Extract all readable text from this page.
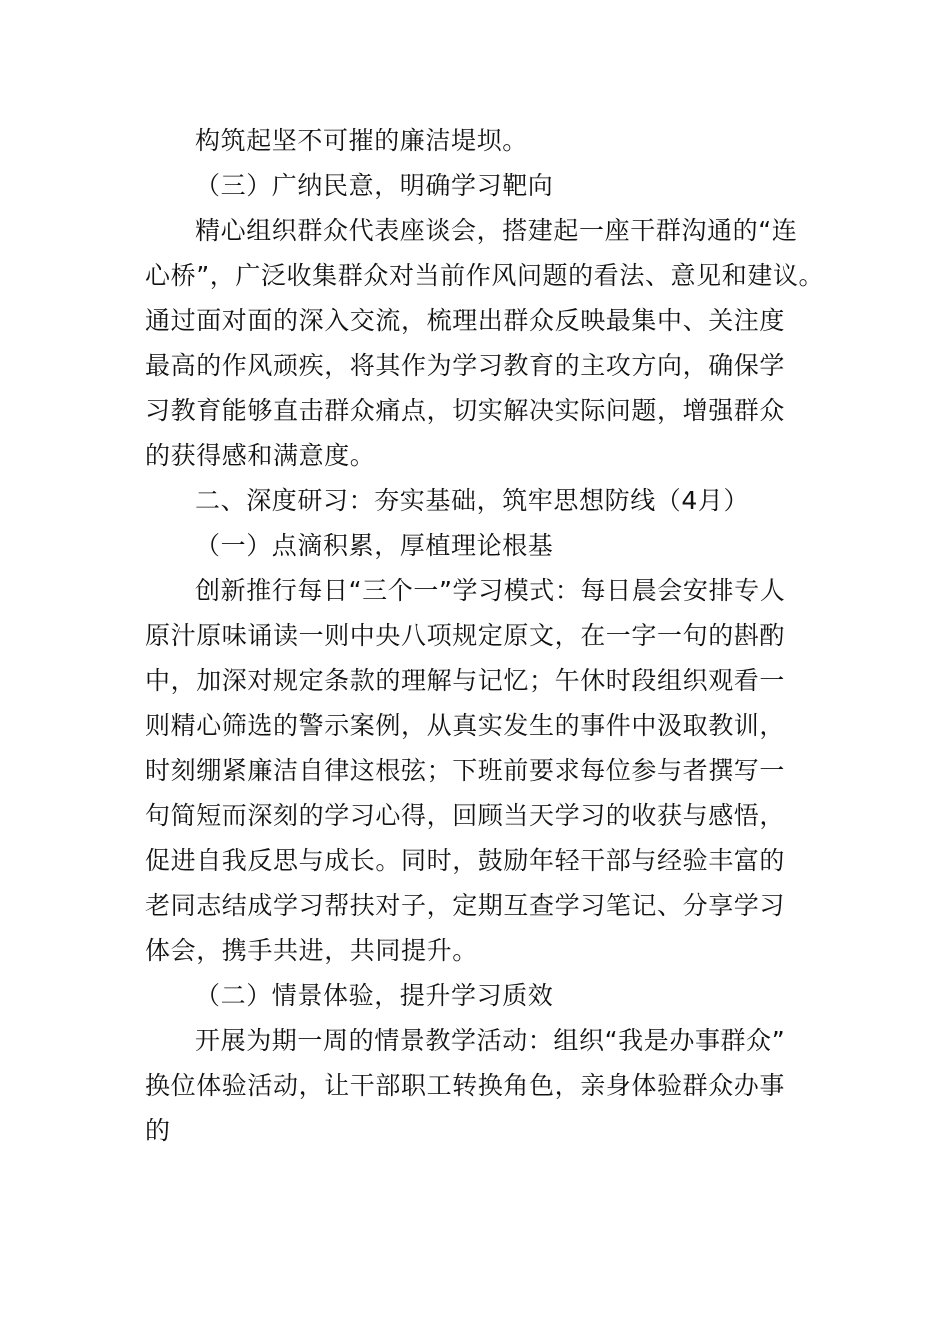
构筑起坚不可摧的廉洁堤坝。
（三）广纳民意，明确学习靶向
精心组织群众代表座谈会，搭建起一座干群沟通的“连
心桥”，广泛收集群众对当前作风问题的看法、意见和建议。
通过面对面的深入交流，梳理出群众反映最集中、关注度
最高的作风顽疾，将其作为学习教育的主攻方向，确保学
习教育能够直击群众痛点，切实解决实际问题，增强群众
的获得感和满意度。
二、深度研习：夯实基础，筑牢思想防线（4月）
（一）点滴积累，厚植理论根基
创新推行每日“三个一”学习模式：每日晨会安排专人
原汁原味诵读一则中央八项规定原文，在一字一句的斟酌
中，加深对规定条款的理解与记忆；午休时段组织观看一
则精心筛选的警示案例，从真实发生的事件中汲取教训，
时刻绷紧廉洁自律这根弦；下班前要求每位参与者撰写一
句简短而深刻的学习心得，回顾当天学习的收获与感悟，
促进自我反思与成长。同时，鼓励年轻干部与经验丰富的
老同志结成学习帮扶对子，定期互查学习笔记、分享学习
体会，携手共进，共同提升。
（二）情景体验，提升学习质效
开展为期一周的情景教学活动：组织“我是办事群众”
换位体验活动，让干部职工转换角色，亲身体验群众办事
的
